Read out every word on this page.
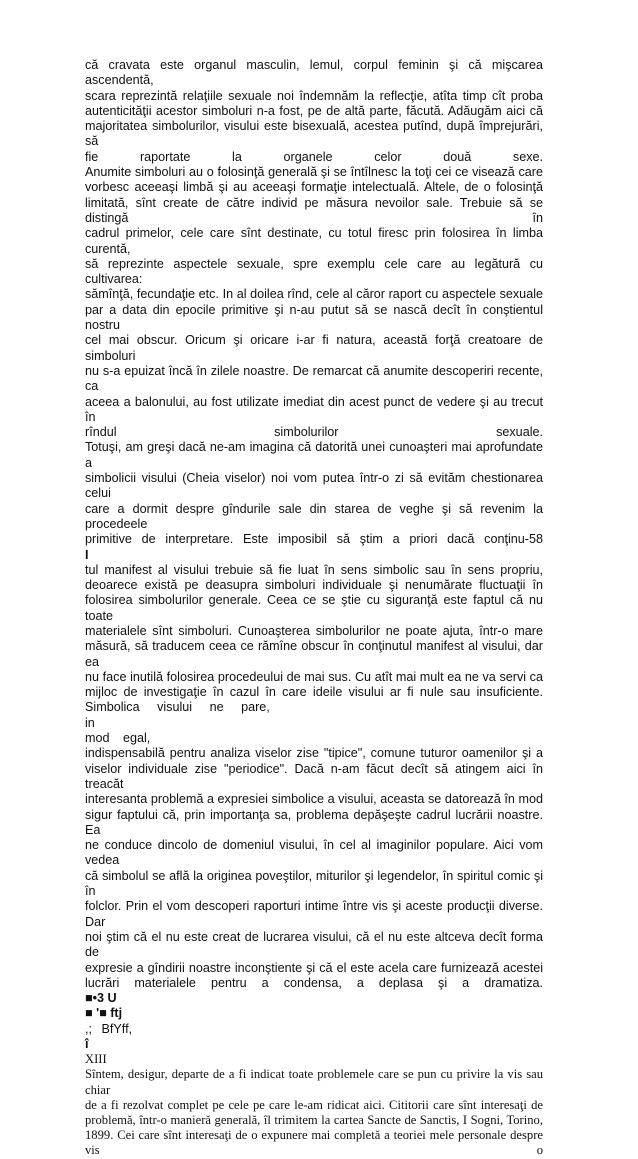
că cravata este organul masculin, lemul, corpul feminin şi că mişcarea ascendentă,

scara reprezintă relaţiile sexuale noi îndemnăm la reflecţie, atîta timp cît proba

autenticităţii acestor simboluri n-a fost, pe de altă parte, făcută. Adăugăm aici că

majoritatea simbolurilor, visului este bisexuală, acestea putînd, după împrejurări, să

fie raportate la organele celor două sexe.

Anumite simboluri au o folosinţă generală şi se întîlnesc la toţi cei ce visează care

vorbesc aceeaşi limbă şi au aceeaşi formaţie intelectuală. Altele, de o folosinţă

limitată, sînt create de către individ pe măsura nevoilor sale. Trebuie să se distingă în

cadrul primelor, cele care sînt destinate, cu totul firesc prin folosirea în limba curentă,

să reprezinte aspectele sexuale, spre exemplu cele care au legătură cu cultivarea:

sămînţă, fecundaţie etc. In al doilea rînd, cele al căror raport cu aspectele sexuale

par a data din epocile primitive şi n-au putut să se nască decît în conştientul nostru

cel mai obscur. Oricum şi oricare i-ar fi natura, această forţă creatoare de simboluri

nu s-a epuizat încă în zilele noastre. De remarcat că anumite descoperiri recente, ca

aceea a balonului, au fost utilizate imediat din acest punct de vedere şi au trecut în

rîndul simbolurilor sexuale.

Totuşi, am greşi dacă ne-am imagina că datorită unei cunoaşteri mai aprofundate a

simbolicii visului (Cheia viselor) noi vom putea într-o zi să evităm chestionarea celui

care a dormit despre gîndurile sale din starea de veghe şi să revenim la procedeele

primitive de interpretare. Este imposibil să ştim a priori dacă conţinu-58

I

tul manifest al visului trebuie să fie luat în sens simbolic sau în sens propriu,

deoarece există pe deasupra simboluri individuale şi nenumărate fluctuaţii în

folosirea simbolurilor generale. Ceea ce se ştie cu siguranţă este faptul că nu toate

materialele sînt simboluri. Cunoaşterea simbolurilor ne poate ajuta, într-o mare

măsură, să traducem ceea ce rămîne obscur în conţinutul manifest al visului, dar ea

nu face inutilă folosirea procedeului de mai sus. Cu atît mai mult ea ne va servi ca

mijloc de investigaţie în cazul în care ideile visului ar fi nule sau insuficiente.

Simbolica visului ne pare,

in

mod egal,

indispensabilă pentru analiza viselor zise "tipice", comune tuturor oamenilor şi a

viselor individuale zise "periodice". Dacă n-am făcut decît să atingem aici în treacăt

interesanta problemă a expresiei simbolice a visului, aceasta se datorează în mod

sigur faptului că, prin importanţa sa, problema depăşeşte cadrul lucrării noastre. Ea

ne conduce dincolo de domeniul visului, în cel al imaginilor populare. Aici vom vedea

că simbolul se află la originea poveştilor, miturilor şi legendelor, în spiritul comic şi în

folclor. Prin el vom descoperi raporturi intime între vis şi aceste producţii diverse. Dar

noi ştim că el nu este creat de lucrarea visului, că el nu este altceva decît forma de

expresie a gîndirii noastre inconştiente şi că el este acela care furnizează acestei

lucrări materialele pentru a condensa, a deplasa şi a dramatiza.

■•3 U

■ '■ ftj

,; BfYff,

î

XIII

Sîntem, desigur, departe de a fi indicat toate problemele care se pun cu privire la vis sau chiar

de a fi rezolvat complet pe cele pe care le-am ridicat aici. Cititorii care sînt interesaţi de

problemă, într-o manieră generală, îl trimitem la cartea Sancte de Sanctis, I Sogni, Torino,

1899. Cei care sînt interesaţi de o expunere mai completă a teoriei mele personale despre vis o
